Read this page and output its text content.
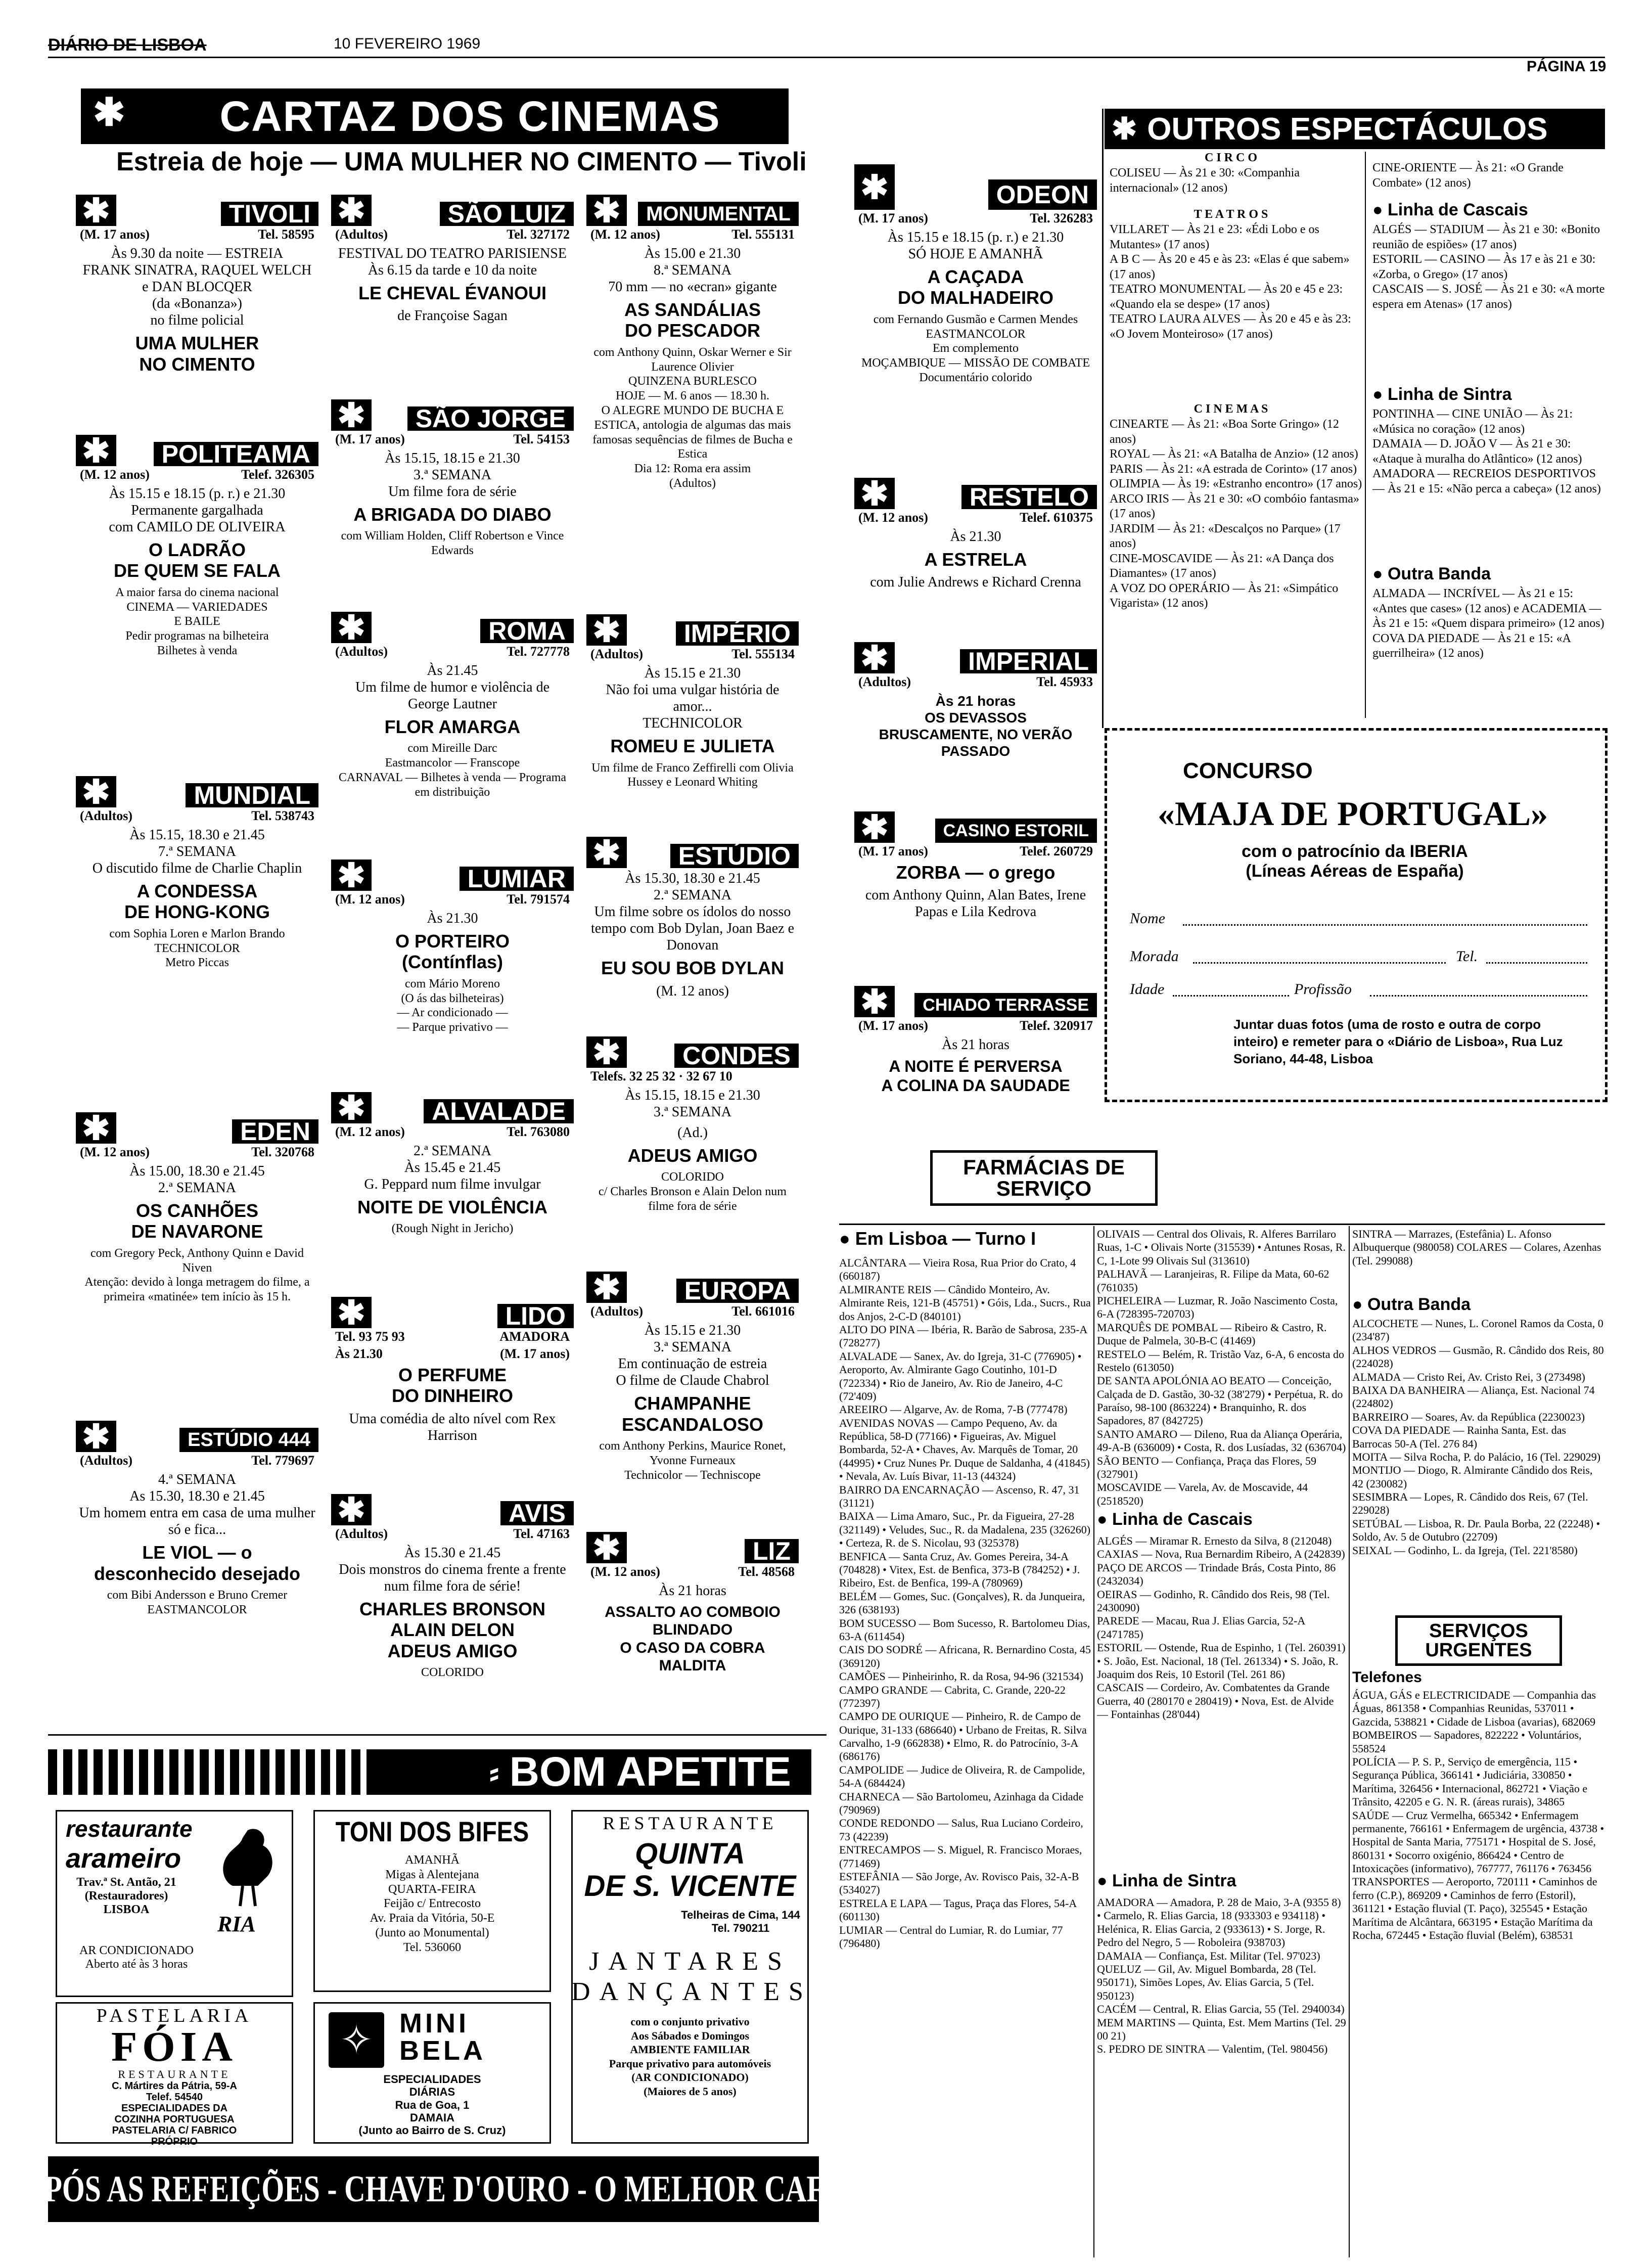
DIÁRIO DE LISBOA	10 FEVEREIRO 1969
PÁGINA 19
✱ CARTAZ DOS CINEMAS
Estreia de hoje — UMA MULHER NO CIMENTO — Tivoli
✱ OUTROS ESPECTÁCULOS
✱	TIVOLI
(M. 17 anos)	Tel. 58595
Às 9.30 da noite — ESTREIA
FRANK SINATRA, RAQUEL WELCH e DAN BLOCQER
(da «Bonanza»)
no filme policial
UMA MULHER
NO CIMENTO
✱	POLITEAMA
(M. 12 anos)	Telef. 326305
Às 15.15 e 18.15 (p. r.) e 21.30
Permanente gargalhada
com CAMILO DE OLIVEIRA
O LADRÃO
DE QUEM SE FALA
A maior farsa do cinema nacional
CINEMA — VARIEDADES
E BAILE
Pedir programas na bilheteira
Bilhetes à venda
✱	MUNDIAL
(Adultos)	Tel. 538743
Às 15.15, 18.30 e 21.45
7.ª SEMANA
O discutido filme de Charlie Chaplin
A CONDESSA
DE HONG-KONG
com Sophia Loren e Marlon Brando
TECHNICOLOR
Metro Piccas
✱	EDEN
(M. 12 anos)	Tel. 320768
Às 15.00, 18.30 e 21.45
2.ª SEMANA
OS CANHÕES
DE NAVARONE
com Gregory Peck, Anthony Quinn e David Niven
Atenção: devido à longa metragem do filme, a primeira «matinée» tem início às 15 h.
✱	ESTÚDIO 444
(Adultos)	Tel. 779697
4.ª SEMANA
As 15.30, 18.30 e 21.45
Um homem entra em casa de uma mulher só e fica...
LE VIOL — o desconhecido desejado
com Bibi Andersson e Bruno Cremer
EASTMANCOLOR
✱	SÃO LUIZ
(Adultos)	Tel. 327172
FESTIVAL DO TEATRO PARISIENSE
Às 6.15 da tarde e 10 da noite
LE CHEVAL ÉVANOUI
de Françoise Sagan
✱	SÃO JORGE
(M. 17 anos)	Tel. 54153
Às 15.15, 18.15 e 21.30
3.ª SEMANA
Um filme fora de série
A BRIGADA DO DIABO
com William Holden, Cliff Robertson e Vince Edwards
✱	ROMA
(Adultos)	Tel. 727778
Às 21.45
Um filme de humor e violência de George Lautner
FLOR AMARGA
com Mireille Darc
Eastmancolor — Franscope
CARNAVAL — Bilhetes à venda — Programa em distribuição
✱	LUMIAR
(M. 12 anos)	Tel. 791574
Às 21.30
O PORTEIRO
(Contínflas)
com Mário Moreno
(O ás das bilheteiras)
— Ar condicionado —
— Parque privativo —
✱	ALVALADE
(M. 12 anos)	Tel. 763080
2.ª SEMANA
Às 15.45 e 21.45
G. Peppard num filme invulgar
NOITE DE VIOLÊNCIA
(Rough Night in Jericho)
✱	LIDO
Tel. 93 75 93	AMADORA
Às 21.30	(M. 17 anos)
O PERFUME
DO DINHEIRO
Uma comédia de alto nível com Rex Harrison
✱	AVIS
(Adultos)	Tel. 47163
Às 15.30 e 21.45
Dois monstros do cinema frente a frente num filme fora de série!
CHARLES BRONSON
ALAIN DELON
ADEUS AMIGO
COLORIDO
✱	MONUMENTAL
(M. 12 anos)	Tel. 555131
Às 15.00 e 21.30
8.ª SEMANA
70 mm — no «ecran» gigante
AS SANDÁLIAS
DO PESCADOR
com Anthony Quinn, Oskar Werner e Sir Laurence Olivier
QUINZENA BURLESCO
HOJE — M. 6 anos — 18.30 h.
O ALEGRE MUNDO DE BUCHA E ESTICA, antologia de algumas das mais famosas sequências de filmes de Bucha e Estica
Dia 12: Roma era assim
(Adultos)
✱	IMPÉRIO
(Adultos)	Tel. 555134
Às 15.15 e 21.30
Não foi uma vulgar história de amor...
TECHNICOLOR
ROMEU E JULIETA
Um filme de Franco Zeffirelli com Olivia Hussey e Leonard Whiting
✱	ESTÚDIO
Às 15.30, 18.30 e 21.45
2.ª SEMANA
Um filme sobre os ídolos do nosso tempo com Bob Dylan, Joan Baez e Donovan
EU SOU BOB DYLAN
(M. 12 anos)
✱	CONDES
Telefs. 32 25 32 · 32 67 10
Às 15.15, 18.15 e 21.30
3.ª SEMANA
(Ad.)
ADEUS AMIGO
COLORIDO
c/ Charles Bronson e Alain Delon num filme fora de série
✱	EUROPA
(Adultos)	Tel. 661016
Às 15.15 e 21.30
3.ª SEMANA
Em continuação de estreia
O filme de Claude Chabrol
CHAMPANHE
ESCANDALOSO
com Anthony Perkins, Maurice Ronet, Yvonne Furneaux
Technicolor — Techniscope
✱	LIZ
(M. 12 anos)	Tel. 48568
Às 21 horas
ASSALTO AO COMBOIO
BLINDADO
O CASO DA COBRA
MALDITA
✱	ODEON
(M. 17 anos)	Tel. 326283
Às 15.15 e 18.15 (p. r.) e 21.30
SÓ HOJE E AMANHÃ
A CAÇADA
DO MALHADEIRO
com Fernando Gusmão e Carmen Mendes
EASTMANCOLOR
Em complemento
MOÇAMBIQUE — MISSÃO DE COMBATE
Documentário colorido
✱	RESTELO
(M. 12 anos)	Telef. 610375
Às 21.30
A ESTRELA
com Julie Andrews e Richard Crenna
✱	IMPERIAL
(Adultos)	Tel. 45933
Às 21 horas
OS DEVASSOS
BRUSCAMENTE, NO VERÃO PASSADO
✱	CASINO ESTORIL
(M. 17 anos)	Telef. 260729
ZORBA — o grego
com Anthony Quinn, Alan Bates, Irene Papas e Lila Kedrova
✱	CHIADO TERRASSE
(M. 17 anos)	Telef. 320917
Às 21 horas
A NOITE É PERVERSA
A COLINA DA SAUDADE
C I R C O
COLISEU — Às 21 e 30: «Companhia internacional» (12 anos)
T E A T R O S
VILLARET — Às 21 e 23: «Édi Lobo e os Mutantes» (17 anos)
A B C — Às 20 e 45 e às 23: «Elas é que sabem» (17 anos)
TEATRO MONUMENTAL — Às 20 e 45 e 23: «Quando ela se despe» (17 anos)
TEATRO LAURA ALVES — Às 20 e 45 e às 23: «O Jovem Monteiroso» (17 anos)
C I N E M A S
CINEARTE — Às 21: «Boa Sorte Gringo» (12 anos)
ROYAL — Às 21: «A Batalha de Anzio» (12 anos)
PARIS — Às 21: «A estrada de Corinto» (17 anos)
OLIMPIA — Às 19: «Estranho encontro» (17 anos)
ARCO IRIS — Às 21 e 30: «O combóio fantasma» (17 anos)
JARDIM — Às 21: «Descalços no Parque» (17 anos)
CINE-MOSCAVIDE — Às 21: «A Dança dos Diamantes» (17 anos)
A VOZ DO OPERÁRIO — Às 21: «Simpático Vigarista» (12 anos)
CINE-ORIENTE — Às 21: «O Grande Combate» (12 anos)
● Linha de Cascais
ALGÉS — STADIUM — Às 21 e 30: «Bonito reunião de espiões» (17 anos)
ESTORIL — CASINO — Às 17 e às 21 e 30: «Zorba, o Grego» (17 anos)
CASCAIS — S. JOSÉ — Às 21 e 30: «A morte espera em Atenas» (17 anos)
● Linha de Sintra
PONTINHA — CINE UNIÃO — Às 21: «Música no coração» (12 anos)
DAMAIA — D. JOÃO V — Às 21 e 30: «Ataque à muralha do Atlântico» (12 anos)
AMADORA — RECREIOS DESPORTIVOS — Às 21 e 15: «Não perca a cabeça» (12 anos)
● Outra Banda
ALMADA — INCRÍVEL — Às 21 e 15: «Antes que cases» (12 anos) e ACADEMIA — Às 21 e 15: «Quem dispara primeiro» (12 anos)
COVA DA PIEDADE — Às 21 e 15: «A guerrilheira» (12 anos)
CONCURSO
«MAJA DE PORTUGAL»
com o patrocínio da IBERIA
(Líneas Aéreas de España)
Nome
Morada	Tel.
Idade	Profissão
Juntar duas fotos (uma de rosto e outra de corpo inteiro) e remeter para o «Diário de Lisboa», Rua Luz Soriano, 44-48, Lisboa
FARMÁCIAS DE SERVIÇO
● Em Lisboa — Turno I
ALCÂNTARA — Vieira Rosa, Rua Prior do Crato, 4 (660187)
ALMIRANTE REIS — Cândido Monteiro, Av. Almirante Reis, 121-B (45751) • Góis, Lda., Sucrs., Rua dos Anjos, 2-C-D (840101)
ALTO DO PINA — Ibéria, R. Barão de Sabrosa, 235-A (728277)
ALVALADE — Sanex, Av. do Igreja, 31-C (776905) • Aeroporto, Av. Almirante Gago Coutinho, 101-D (722334) • Rio de Janeiro, Av. Rio de Janeiro, 4-C (72'409)
AREEIRO — Algarve, Av. de Roma, 7-B (777478)
AVENIDAS NOVAS — Campo Pequeno, Av. da República, 58-D (77166) • Figueiras, Av. Miguel Bombarda, 52-A • Chaves, Av. Marquês de Tomar, 20 (44995) • Cruz Nunes Pr. Duque de Saldanha, 4 (41845) • Nevala, Av. Luís Bivar, 11-13 (44324)
BAIRRO DA ENCARNAÇÃO — Ascenso, R. 47, 31 (31121)
BAIXA — Lima Amaro, Suc., Pr. da Figueira, 27-28 (321149) • Veludes, Suc., R. da Madalena, 235 (326260) • Certeza, R. de S. Nicolau, 93 (325378)
BENFICA — Santa Cruz, Av. Gomes Pereira, 34-A (704828) • Vitex, Est. de Benfica, 373-B (784252) • J. Ribeiro, Est. de Benfica, 199-A (780969)
BELÉM — Gomes, Suc. (Gonçalves), R. da Junqueira, 326 (638193)
BOM SUCESSO — Bom Sucesso, R. Bartolomeu Dias, 63-A (611454)
CAIS DO SODRÉ — Africana, R. Bernardino Costa, 45 (369120)
CAMÕES — Pinheirinho, R. da Rosa, 94-96 (321534)
CAMPO GRANDE — Cabrita, C. Grande, 220-22 (772397)
CAMPO DE OURIQUE — Pinheiro, R. de Campo de Ourique, 31-133 (686640) • Urbano de Freitas, R. Silva Carvalho, 1-9 (662838) • Elmo, R. do Patrocínio, 3-A (686176)
CAMPOLIDE — Judice de Oliveira, R. de Campolide, 54-A (684424)
CHARNECA — São Bartolomeu, Azinhaga da Cidade (790969)
CONDE REDONDO — Salus, Rua Luciano Cordeiro, 73 (42239)
ENTRECAMPOS — S. Miguel, R. Francisco Moraes, (771469)
ESTEFÂNIA — São Jorge, Av. Rovisco Pais, 32-A-B (534027)
ESTRELA E LAPA — Tagus, Praça das Flores, 54-A (601130)
LUMIAR — Central do Lumiar, R. do Lumiar, 77 (796480)
OLIVAIS — Central dos Olivais, R. Alferes Barrilaro Ruas, 1-C • Olivais Norte (315539) • Antunes Rosas, R. C, 1-Lote 99 Olivais Sul (313610)
PALHAVÃ — Laranjeiras, R. Filipe da Mata, 60-62 (761035)
PICHELEIRA — Luzmar, R. João Nascimento Costa, 6-A (728395-720703)
MARQUÊS DE POMBAL — Ribeiro & Castro, R. Duque de Palmela, 30-B-C (41469)
RESTELO — Belém, R. Tristão Vaz, 6-A, 6 encosta do Restelo (613050)
DE SANTA APOLÓNIA AO BEATO — Conceição, Calçada de D. Gastão, 30-32 (38'279) • Perpétua, R. do Paraíso, 98-100 (863224) • Branquinho, R. dos Sapadores, 87 (842725)
SANTO AMARO — Dileno, Rua da Aliança Operária, 49-A-B (636009) • Costa, R. dos Lusíadas, 32 (636704)
SÃO BENTO — Confiança, Praça das Flores, 59 (327901)
MOSCAVIDE — Varela, Av. de Moscavide, 44 (2518520)
● Linha de Cascais
ALGÉS — Miramar R. Ernesto da Silva, 8 (212048)
CAXIAS — Nova, Rua Bernardim Ribeiro, A (242839)
PAÇO DE ARCOS — Trindade Brás, Costa Pinto, 86 (2432034)
OEIRAS — Godinho, R. Cândido dos Reis, 98 (Tel. 2430090)
PAREDE — Macau, Rua J. Elias Garcia, 52-A (2471785)
ESTORIL — Ostende, Rua de Espinho, 1 (Tel. 260391) • S. João, Est. Nacional, 18 (Tel. 261334) • S. João, R. Joaquim dos Reis, 10 Estoril (Tel. 261 86)
CASCAIS — Cordeiro, Av. Combatentes da Grande Guerra, 40 (280170 e 280419) • Nova, Est. de Alvide — Fontainhas (28'044)
● Linha de Sintra
AMADORA — Amadora, P. 28 de Maio, 3-A (9355 8) • Carmelo, R. Elias Garcia, 18 (933303 e 934118) • Helénica, R. Elias Garcia, 2 (933613) • S. Jorge, R. Pedro del Negro, 5 — Roboleira (938703)
DAMAIA — Confiança, Est. Militar (Tel. 97'023)
QUELUZ — Gil, Av. Miguel Bombarda, 28 (Tel. 950171), Simões Lopes, Av. Elias Garcia, 5 (Tel. 950123)
CACÉM — Central, R. Elias Garcia, 55 (Tel. 2940034)
MEM MARTINS — Quinta, Est. Mem Martins (Tel. 29 00 21)
S. PEDRO DE SINTRA — Valentim, (Tel. 980456)
SINTRA — Marrazes, (Estefânia) L. Afonso Albuquerque (980058) COLARES — Colares, Azenhas (Tel. 299088)
● Outra Banda
ALCOCHETE — Nunes, L. Coronel Ramos da Costa, 0 (234'87)
ALHOS VEDROS — Gusmão, R. Cândido dos Reis, 80 (224028)
ALMADA — Cristo Rei, Av. Cristo Rei, 3 (273498)
BAIXA DA BANHEIRA — Aliança, Est. Nacional 74 (224802)
BARREIRO — Soares, Av. da República (2230023)
COVA DA PIEDADE — Rainha Santa, Est. das Barrocas 50-A (Tel. 276 84)
MOITA — Silva Rocha, P. do Palácio, 16 (Tel. 229029)
MONTIJO — Diogo, R. Almirante Cândido dos Reis, 42 (230082)
SESIMBRA — Lopes, R. Cândido dos Reis, 67 (Tel. 229028)
SETÚBAL — Lisboa, R. Dr. Paula Borba, 22 (22248) • Soldo, Av. 5 de Outubro (22709)
SEIXAL — Godinho, L. da Igreja, (Tel. 221'8580)
SERVIÇOS URGENTES
Telefones
ÁGUA, GÁS e ELECTRICIDADE — Companhia das Águas, 861358 • Companhias Reunidas, 537011 • Gazcida, 538821 • Cidade de Lisboa (avarias), 682069
BOMBEIROS — Sapadores, 822222 • Voluntários, 558524
POLÍCIA — P. S. P., Serviço de emergência, 115 • Segurança Pública, 366141 • Judiciária, 330850 • Marítima, 326456 • Internacional, 862721 • Viação e Trânsito, 42205 e G. N. R. (áreas rurais), 34865
SAÚDE — Cruz Vermelha, 665342 • Enfermagem permanente, 766161 • Enfermagem de urgência, 43738 • Hospital de Santa Maria, 775171 • Hospital de S. José, 860131 • Socorro oxigénio, 866424 • Centro de Intoxicações (informativo), 767777, 761176 • 763456
TRANSPORTES — Aeroporto, 720111 • Caminhos de ferro (C.P.), 869209 • Caminhos de ferro (Estoril), 361121 • Estação fluvial (T. Paço), 325545 • Estação Marítima de Alcântara, 663195 • Estação Marítima da Rocha, 672445 • Estação fluvial (Belém), 638531
⸗ BOM APETITE
restaurante
arameiro
RIA
Trav.ª St. Antão, 21
(Restauradores)
LISBOA
AR CONDICIONADO
Aberto até às 3 horas
PASTELARIA
FÓIA
RESTAURANTE
C. Mártires da Pátria, 59-A
Telef. 54540
ESPECIALIDADES DA
COZINHA PORTUGUESA
PASTELARIA C/ FABRICO
PRÓPRIO
TONI DOS BIFES
AMANHÃ
Migas à Alentejana
QUARTA-FEIRA
Feijão c/ Entrecosto
Av. Praia da Vitória, 50-E
(Junto ao Monumental)
Tel. 536060
✧ MINI
BELA
ESPECIALIDADES
DIÁRIAS
Rua de Goa, 1
DAMAIA
(Junto ao Bairro de S. Cruz)
RESTAURANTE
QUINTA
DE S. VICENTE
Telheiras de Cima, 144
Tel. 790211
JANTARES
DANÇANTES
com o conjunto privativo
Aos Sábados e Domingos
AMBIENTE FAMILIAR
Parque privativo para automóveis
(AR CONDICIONADO)
(Maiores de 5 anos)
APÓS AS REFEIÇÕES - CHAVE D'OURO - O MELHOR CAFÉ
